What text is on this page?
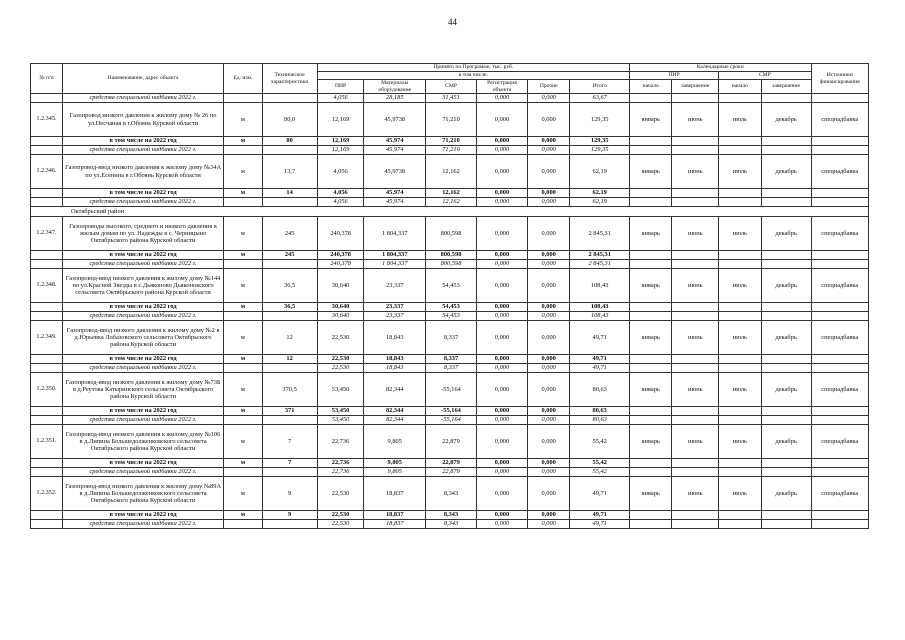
44
№ п/п	Наименование, адрес объекта	Ед. изм.	Техническое характеристики	Принято по Программе, тыс. руб.						Календарные сроки				Источники финансирования
				в том числе:						ПИР		СМР		
				ПИР	Материалы оборудование	СМР	Регистрация объекта	Прочие	Итого	начало	завершение	начало	завершение	
	средства специальной надбавки 2022 г.			4,056	28,185	31,451	0,000	0,000	63,67					
1.2.345.	Газопровод низкого давления к жилому дому № 26 по ул.Песчаная в г.Обоянь Курской области	м	80,0	12,169	45,9738	71,210	0,000	0,000	129,35	январь	июнь	июль	декабрь	спецнадбавка
	в том числе на 2022 год	м	80	12,169	45,974	71,210	0,000	0,000	129,35					
	средства специальной надбавки 2022 г.			12,169	45,974	71,210	0,000	0,000	129,35					
1.2.346.	Газопровод-ввод низкого давления к жилому дому №34А по ул.Есенина в г.Обоянь Курской области	м	13,7	4,056	45,9738	12,162	0,000	0,000	62,19	январь	июнь	июль	декабрь	спецнадбавка
	в том числе на 2022 год	м	14	4,056	45,974	12,162	0,000	0,000	62,19					
	средства специальной надбавки 2022 г.			4,056	45,974	12,162	0,000	0,000	62,19					
Октябрьский район														
1.2.347.	Газопроводы высокого, среднего и низкого давления к жилым домам по ул. Надежды в с. Черницыно Октябрьского района Курской области	м	245	240,378	1 804,337	800,598	0,000	0,000	2 845,31	январь	июнь	июль	декабрь	спецнадбавка
	в том числе на 2022 год	м	245	240,378	1 804,337	800,598	0,000	0,000	2 845,31					
	средства специальной надбавки 2022 г.			240,378	1 804,337	800,598	0,000	0,000	2 845,31					
1.2.348.	Газопровод-ввод низкого давления к жилому дому №144 по ул.Красной Звезды в с.Дьяконово Дьяконовского сельсовета Октябрьского района Курской области	м	36,5	30,640	23,337	54,453	0,000	0,000	108,43	январь	июнь	июль	декабрь	спецнадбавка
	в том числе на 2022 год	м	36,5	30,640	23,337	54,453	0,000	0,000	108,43					
	средства специальной надбавки 2022 г.			30,640	23,337	54,453	0,000	0,000	108,43					
1.2.349.	Газопровод-ввод низкого давления к жилому дому №2 в д.Юрьевка Лобазовского сельсовета Октябрьского района Курской области	м	12	22,530	18,843	8,337	0,000	0,000	49,71	январь	июнь	июль	декабрь	спецнадбавка
	в том числе на 2022 год	м	12	22,530	18,843	8,337	0,000	0,000	49,71					
	средства специальной надбавки 2022 г.			22,530	18,843	8,337	0,000	0,000	49,71					
1.2.350.	Газопровод-ввод низкого давления к жилому дому №73Б в д.Реутова Катыринского сельсовета Октябрьского района Курской области	м	370,5	53,450	82,344	-55,164	0,000	0,000	80,63	январь	июнь	июль	декабрь	спецнадбавка
	в том числе на 2022 год	м	371	53,450	82,344	-55,164	0,000	0,000	80,63					
	средства специальной надбавки 2022 г.			53,450	82,344	-55,164	0,000	0,000	80,63					
1.2.351.	Газопровод-ввод низкого давления к жилому дому №106 в д.Липина Большедолженковского сельсовета Октябрьского района Курской области	м	7	22,736	9,805	22,879	0,000	0,000	55,42	январь	июнь	июль	декабрь	спецнадбавка
	в том числе на 2022 год	м	7	22,736	9,805	22,879	0,000	0,000	55,42					
	средства специальной надбавки 2022 г.			22,736	9,805	22,879	0,000	0,000	55,42					
1.2.352.	Газопровод-ввод низкого давления к жилому дому №89А в д.Липина Большедолженковского сельсовета Октябрьского района Курской области	м	9	22,530	18,837	8,343	0,000	0,000	49,71	январь	июнь	июль	декабрь	спецнадбавка
	в том числе на 2022 год	м	9	22,530	18,837	8,343	0,000	0,000	49,71					
	средства специальной надбавки 2022 г.			22,530	18,837	8,343	0,000	0,000	49,71					
